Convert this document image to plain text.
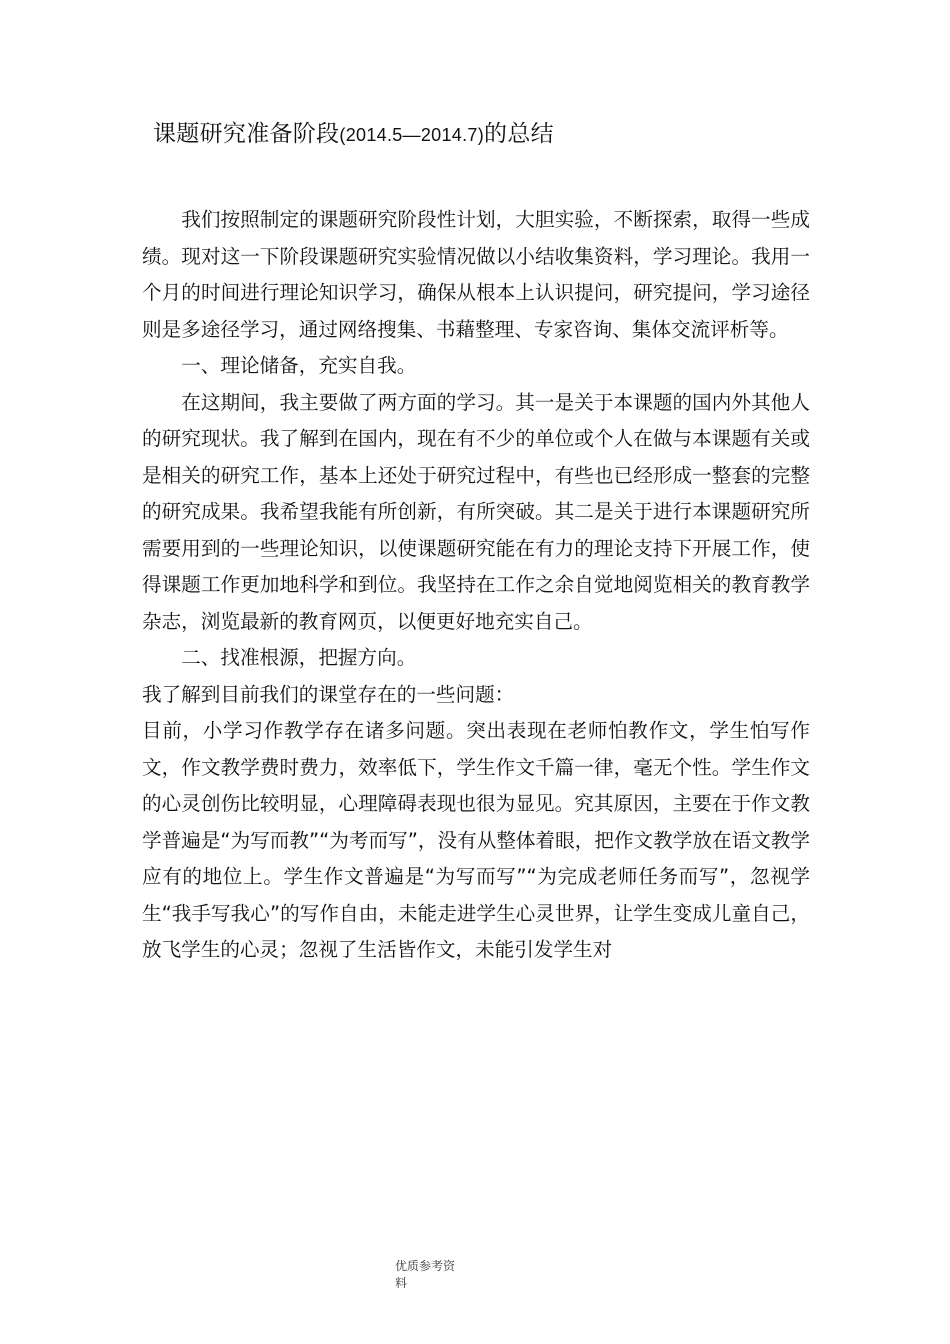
课题研究准备阶段(2014.5—2014.7)的总结

我们按照制定的课题研究阶段性计划，大胆实验，不断探索，取得一些成绩。现对这一下阶段课题研究实验情况做以小结收集资料，学习理论。我用一个月的时间进行理论知识学习，确保从根本上认识提问，研究提问，学习途径则是多途径学习，通过网络搜集、书藉整理、专家咨询、集体交流评析等。

一、理论储备，充实自我。

在这期间，我主要做了两方面的学习。其一是关于本课题的国内外其他人的研究现状。我了解到在国内，现在有不少的单位或个人在做与本课题有关或是相关的研究工作，基本上还处于研究过程中，有些也已经形成一整套的完整的研究成果。我希望我能有所创新，有所突破。其二是关于进行本课题研究所需要用到的一些理论知识，以使课题研究能在有力的理论支持下开展工作，使得课题工作更加地科学和到位。我坚持在工作之余自觉地阅览相关的教育教学杂志，浏览最新的教育网页，以便更好地充实自己。

二、找准根源，把握方向。

我了解到目前我们的课堂存在的一些问题：

目前，小学习作教学存在诸多问题。突出表现在老师怕教作文，学生怕写作文，作文教学费时费力，效率低下，学生作文千篇一律，毫无个性。学生作文的心灵创伤比较明显，心理障碍表现也很为显见。究其原因，主要在于作文教学普遍是“为写而教”“为考而写”，没有从整体着眼，把作文教学放在语文教学应有的地位上。学生作文普遍是“为写而写”“为完成老师任务而写”，忽视学生“我手写我心”的写作自由，未能走进学生心灵世界，让学生变成儿童自己，放飞学生的心灵；忽视了生活皆作文，未能引发学生对

优质参考资料
